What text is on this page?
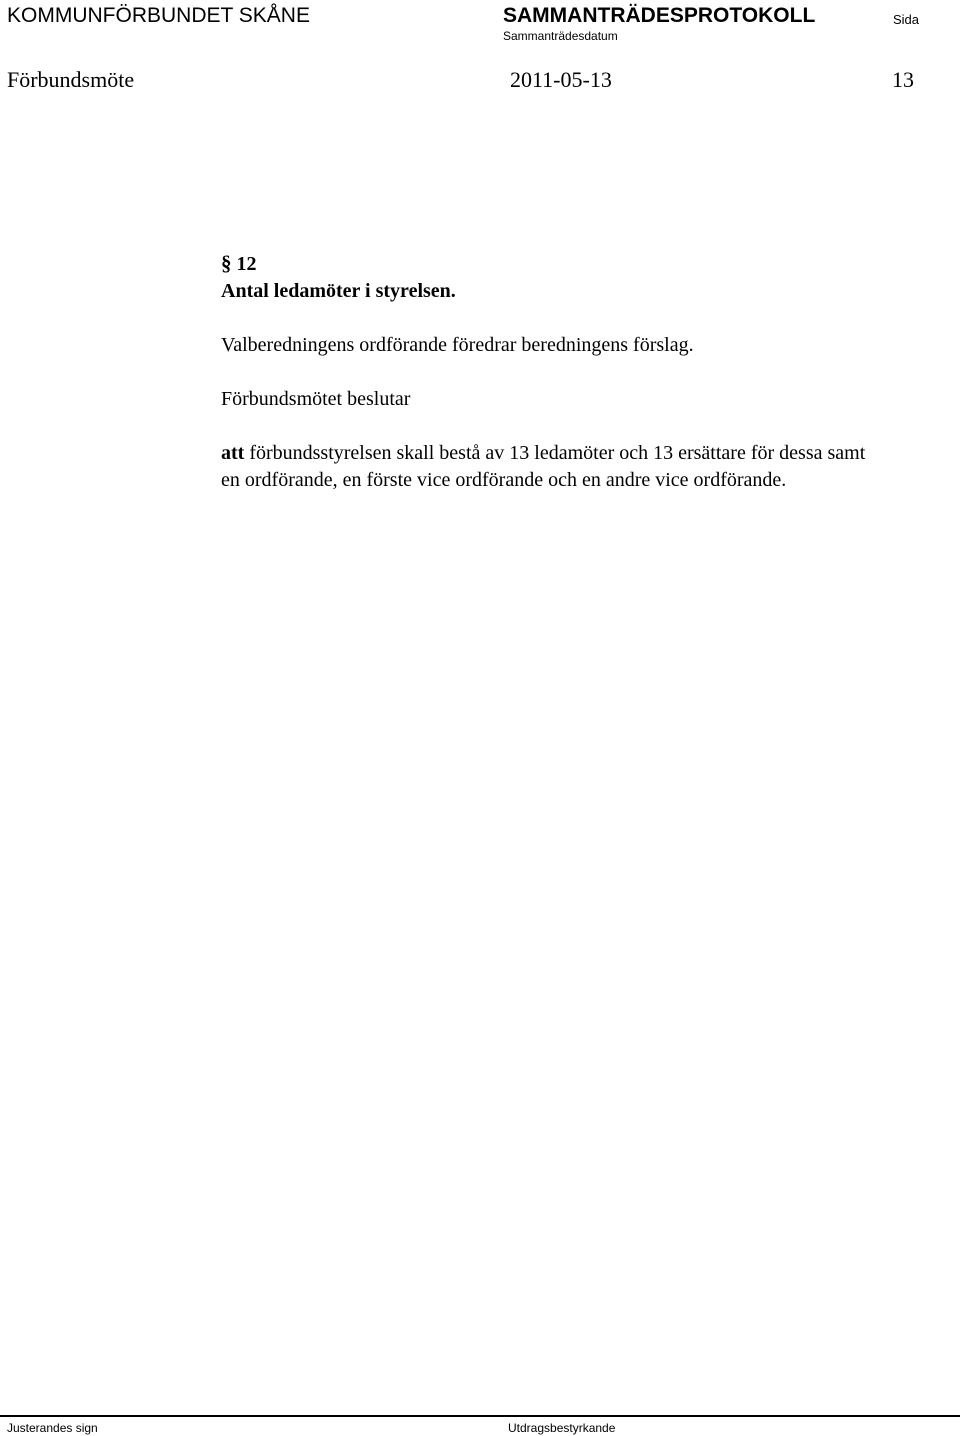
KOMMUNFÖRBUNDET SKÅNE	SAMMANTRÄDESPROTOKOLL
Sammanträdesdatum
Sida
Förbundsmöte	2011-05-13	13

§ 12

Antal ledamöter i styrelsen.

Valberedningens ordförande föredrar beredningens förslag.

Förbundsmötet beslutar

att förbundsstyrelsen skall bestå av 13 ledamöter och 13 ersättare för dessa samt en ordförande, en förste vice ordförande och en andre vice ordförande.

Justerandes sign	Utdragsbestyrkande
